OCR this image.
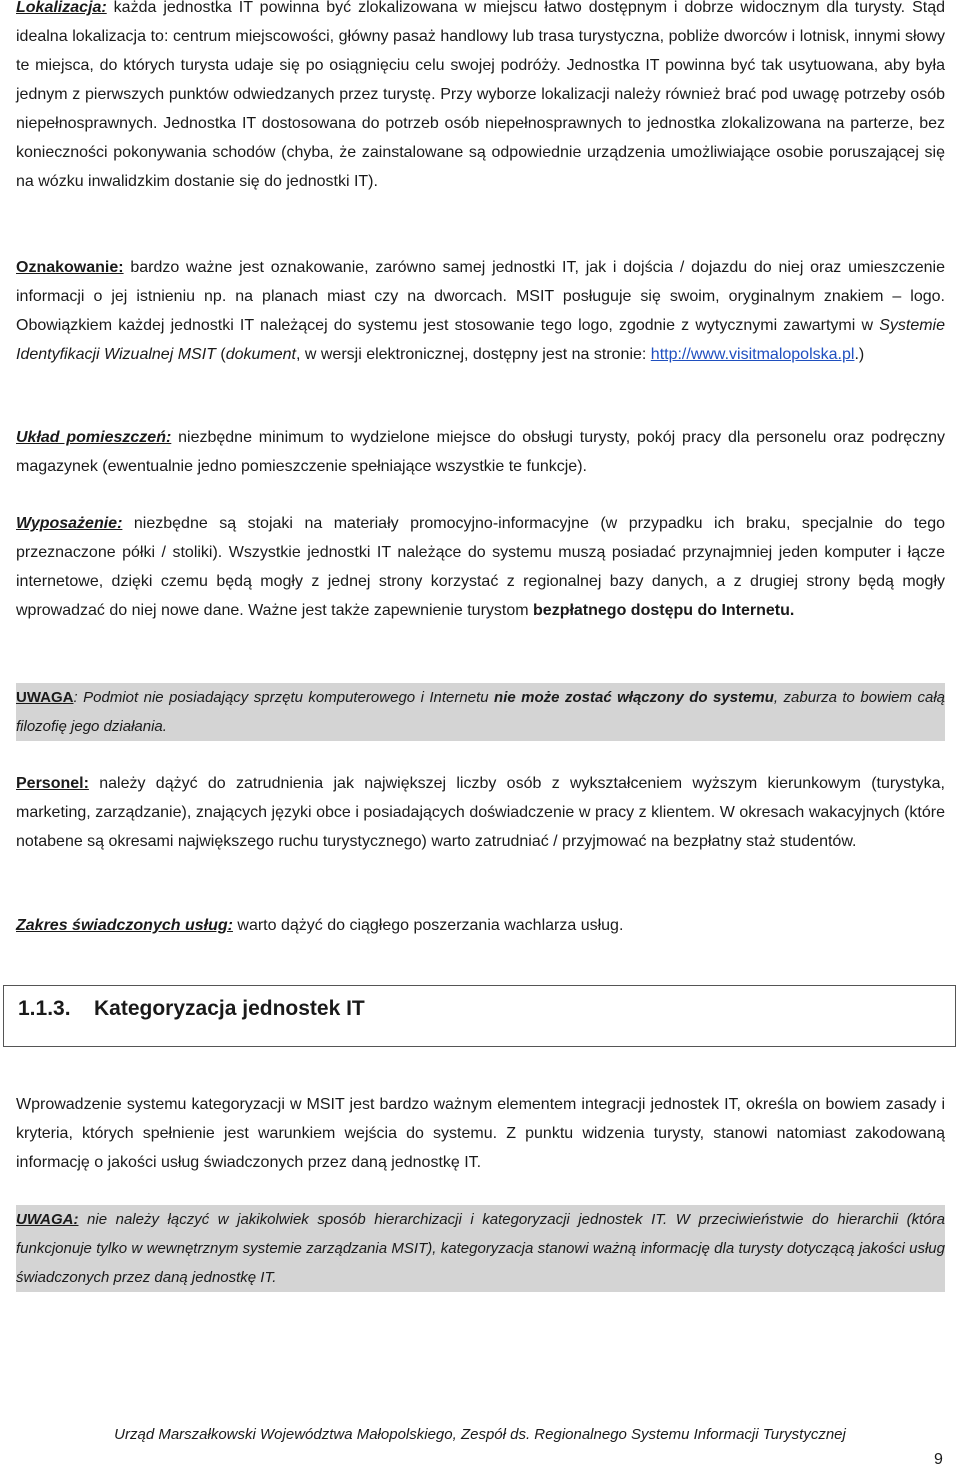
Lokalizacja: każda jednostka IT powinna być zlokalizowana w miejscu łatwo dostępnym i dobrze widocznym dla turysty. Stąd idealna lokalizacja to: centrum miejscowości, główny pasaż handlowy lub trasa turystyczna, pobliże dworców i lotnisk, innymi słowy te miejsca, do których turysta udaje się po osiągnięciu celu swojej podróży. Jednostka IT powinna być tak usytuowana, aby była jednym z pierwszych punktów odwiedzanych przez turystę. Przy wyborze lokalizacji należy również brać pod uwagę potrzeby osób niepełnosprawnych. Jednostka IT dostosowana do potrzeb osób niepełnosprawnych to jednostka zlokalizowana na parterze, bez konieczności pokonywania schodów (chyba, że zainstalowane są odpowiednie urządzenia umożliwiające osobie poruszającej się na wózku inwalidzkim dostanie się do jednostki IT).

Oznakowanie: bardzo ważne jest oznakowanie, zarówno samej jednostki IT, jak i dojścia / dojazdu do niej oraz umieszczenie informacji o jej istnieniu np. na planach miast czy na dworcach. MSIT posługuje się swoim, oryginalnym znakiem – logo. Obowiązkiem każdej jednostki IT należącej do systemu jest stosowanie tego logo, zgodnie z wytycznymi zawartymi w Systemie Identyfikacji Wizualnej MSIT (dokument, w wersji elektronicznej, dostępny jest na stronie: http://www.visitmalopolska.pl.)

Układ pomieszczeń: niezbędne minimum to wydzielone miejsce do obsługi turysty, pokój pracy dla personelu oraz podręczny magazynek (ewentualnie jedno pomieszczenie spełniające wszystkie te funkcje).

Wyposażenie: niezbędne są stojaki na materiały promocyjno-informacyjne (w przypadku ich braku, specjalnie do tego przeznaczone półki / stoliki). Wszystkie jednostki IT należące do systemu muszą posiadać przynajmniej jeden komputer i łącze internetowe, dzięki czemu będą mogły z jednej strony korzystać z regionalnej bazy danych, a z drugiej strony będą mogły wprowadzać do niej nowe dane. Ważne jest także zapewnienie turystom bezpłatnego dostępu do Internetu.

UWAGA: Podmiot nie posiadający sprzętu komputerowego i Internetu nie może zostać włączony do systemu, zaburza to bowiem całą filozofię jego działania.

Personel: należy dążyć do zatrudnienia jak największej liczby osób z wykształceniem wyższym kierunkowym (turystyka, marketing, zarządzanie), znających języki obce i posiadających doświadczenie w pracy z klientem. W okresach wakacyjnych (które notabene są okresami największego ruchu turystycznego) warto zatrudniać / przyjmować na bezpłatny staż studentów.

Zakres świadczonych usług: warto dążyć do ciągłego poszerzania wachlarza usług.

Wprowadzenie systemu kategoryzacji w MSIT jest bardzo ważnym elementem integracji jednostek IT, określa on bowiem zasady i kryteria, których spełnienie jest warunkiem wejścia do systemu. Z punktu widzenia turysty, stanowi natomiast zakodowaną informację o jakości usług świadczonych przez daną jednostkę IT.

UWAGA: nie należy łączyć w jakikolwiek sposób hierarchizacji i kategoryzacji jednostek IT. W przeciwieństwie do hierarchii (która funkcjonuje tylko w wewnętrznym systemie zarządzania MSIT), kategoryzacja stanowi ważną informację dla turysty dotyczącą jakości usług świadczonych przez daną jednostkę IT.

1.1.3. Kategoryzacja jednostek IT
Urząd Marszałkowski Województwa Małopolskiego, Zespół ds. Regionalnego Systemu Informacji Turystycznej
9
